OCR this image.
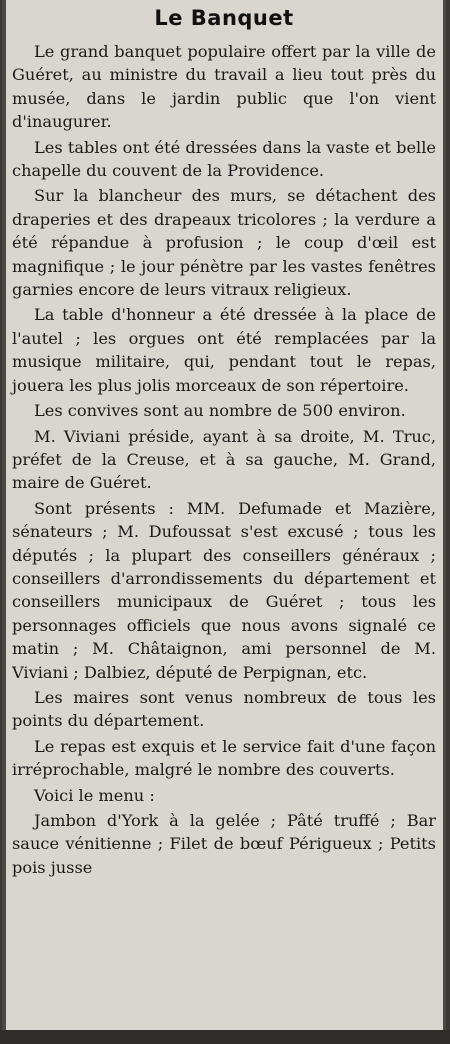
Le Banquet

Le grand banquet populaire offert par la ville de Guéret, au ministre du travail a lieu tout près du musée, dans le jardin public que l'on vient d'inaugurer.

Les tables ont été dressées dans la vaste et belle chapelle du couvent de la Providence.

Sur la blancheur des murs, se détachent des draperies et des drapeaux tricolores ; la verdure a été répandue à profusion ; le coup d'œil est magnifique ; le jour pénètre par les vastes fenêtres garnies encore de leurs vitraux religieux.

La table d'honneur a été dressée à la place de l'autel ; les orgues ont été remplacées par la musique militaire, qui, pendant tout le repas, jouera les plus jolis morceaux de son répertoire.

Les convives sont au nombre de 500 environ.

M. Viviani préside, ayant à sa droite, M. Truc, préfet de la Creuse, et à sa gauche, M. Grand, maire de Guéret.

Sont présents : MM. Defumade et Mazière, sénateurs ; M. Dufoussat s'est excusé ; tous les députés ; la plupart des conseillers généraux ; conseillers d'arrondissements du département et conseillers municipaux de Guéret ; tous les personnages officiels que nous avons signalé ce matin ; M. Châtaignon, ami personnel de M. Viviani ; Dalbiez, député de Perpignan, etc.

Les maires sont venus nombreux de tous les points du département.

Le repas est exquis et le service fait d'une façon irréprochable, malgré le nombre des couverts.

Voici le menu :

Jambon d'York à la gelée ; Pâté truffé ; Bar sauce vénitienne ; Filet de bœuf Périgueux ; Petits pois jusse
